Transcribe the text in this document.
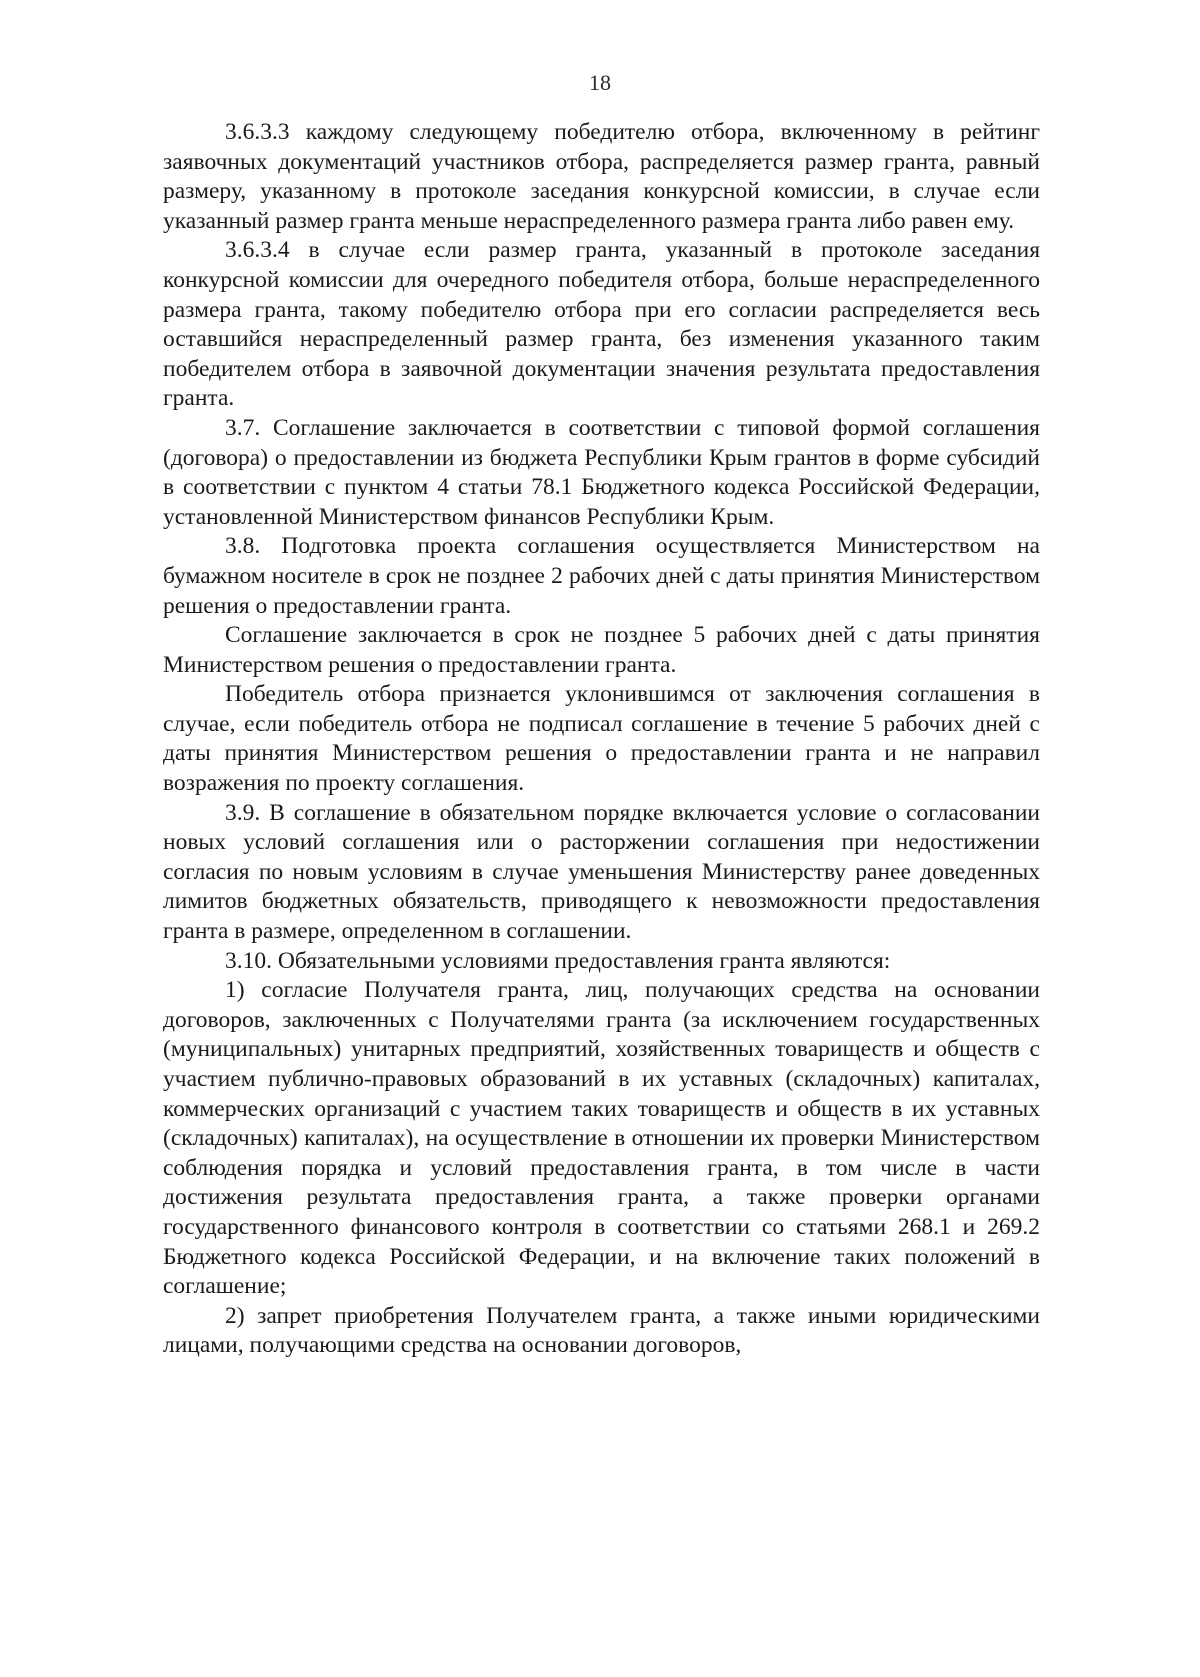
18

3.6.3.3 каждому следующему победителю отбора, включенному в рейтинг заявочных документаций участников отбора, распределяется размер гранта, равный размеру, указанному в протоколе заседания конкурсной комиссии, в случае если указанный размер гранта меньше нераспределенного размера гранта либо равен ему.

3.6.3.4 в случае если размер гранта, указанный в протоколе заседания конкурсной комиссии для очередного победителя отбора, больше нераспределенного размера гранта, такому победителю отбора при его согласии распределяется весь оставшийся нераспределенный размер гранта, без изменения указанного таким победителем отбора в заявочной документации значения результата предоставления гранта.

3.7. Соглашение заключается в соответствии с типовой формой соглашения (договора) о предоставлении из бюджета Республики Крым грантов в форме субсидий в соответствии с пунктом 4 статьи 78.1 Бюджетного кодекса Российской Федерации, установленной Министерством финансов Республики Крым.

3.8. Подготовка проекта соглашения осуществляется Министерством на бумажном носителе в срок не позднее 2 рабочих дней с даты принятия Министерством решения о предоставлении гранта.

Соглашение заключается в срок не позднее 5 рабочих дней с даты принятия Министерством решения о предоставлении гранта.

Победитель отбора признается уклонившимся от заключения соглашения в случае, если победитель отбора не подписал соглашение в течение 5 рабочих дней с даты принятия Министерством решения о предоставлении гранта и не направил возражения по проекту соглашения.

3.9. В соглашение в обязательном порядке включается условие о согласовании новых условий соглашения или о расторжении соглашения при недостижении согласия по новым условиям в случае уменьшения Министерству ранее доведенных лимитов бюджетных обязательств, приводящего к невозможности предоставления гранта в размере, определенном в соглашении.

3.10. Обязательными условиями предоставления гранта являются:

1) согласие Получателя гранта, лиц, получающих средства на основании договоров, заключенных с Получателями гранта (за исключением государственных (муниципальных) унитарных предприятий, хозяйственных товариществ и обществ с участием публично-правовых образований в их уставных (складочных) капиталах, коммерческих организаций с участием таких товариществ и обществ в их уставных (складочных) капиталах), на осуществление в отношении их проверки Министерством соблюдения порядка и условий предоставления гранта, в том числе в части достижения результата предоставления гранта, а также проверки органами государственного финансового контроля в соответствии со статьями 268.1 и 269.2 Бюджетного кодекса Российской Федерации, и на включение таких положений в соглашение;

2) запрет приобретения Получателем гранта, а также иными юридическими лицами, получающими средства на основании договоров,
